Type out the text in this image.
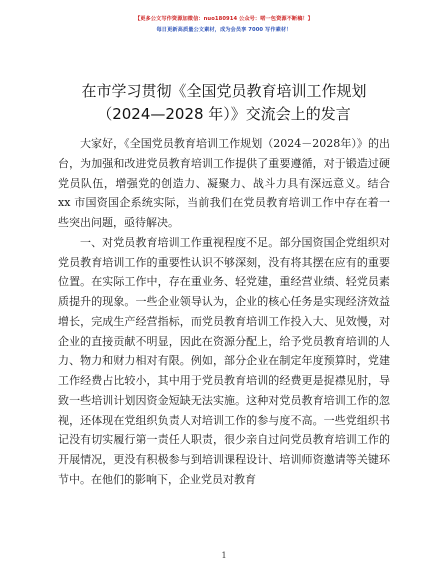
【更多公文写作资源加微信：nuo180914 公众号：喏一包资源不断稿！】
每日更新高质量公文素材，成为会员享 7000 写作素材！
在市学习贯彻《全国党员教育培训工作规划
（2024—2028 年）》交流会上的发言

大家好，《全国党员教育培训工作规划（2024－2028年）》的出台，为加强和改进党员教育培训工作提供了重要遵循，对于锻造过硬党员队伍，增强党的创造力、凝聚力、战斗力具有深远意义。结合 xx 市国资国企系统实际，当前我们在党员教育培训工作中存在着一些突出问题，亟待解决。

一、对党员教育培训工作重视程度不足。部分国资国企党组织对党员教育培训工作的重要性认识不够深刻，没有将其摆在应有的重要位置。在实际工作中，存在重业务、轻党建，重经营业绩、轻党员素质提升的现象。一些企业领导认为，企业的核心任务是实现经济效益增长，完成生产经营指标，而党员教育培训工作投入大、见效慢，对企业的直接贡献不明显，因此在资源分配上，给予党员教育培训的人力、物力和财力相对有限。例如，部分企业在制定年度预算时，党建工作经费占比较小，其中用于党员教育培训的经费更是捉襟见肘，导致一些培训计划因资金短缺无法实施。这种对党员教育培训工作的忽视，还体现在党组织负责人对培训工作的参与度不高。一些党组织书记没有切实履行第一责任人职责，很少亲自过问党员教育培训工作的开展情况，更没有积极参与到培训课程设计、培训师资邀请等关键环节中。在他们的影响下，企业党员对教育

1
